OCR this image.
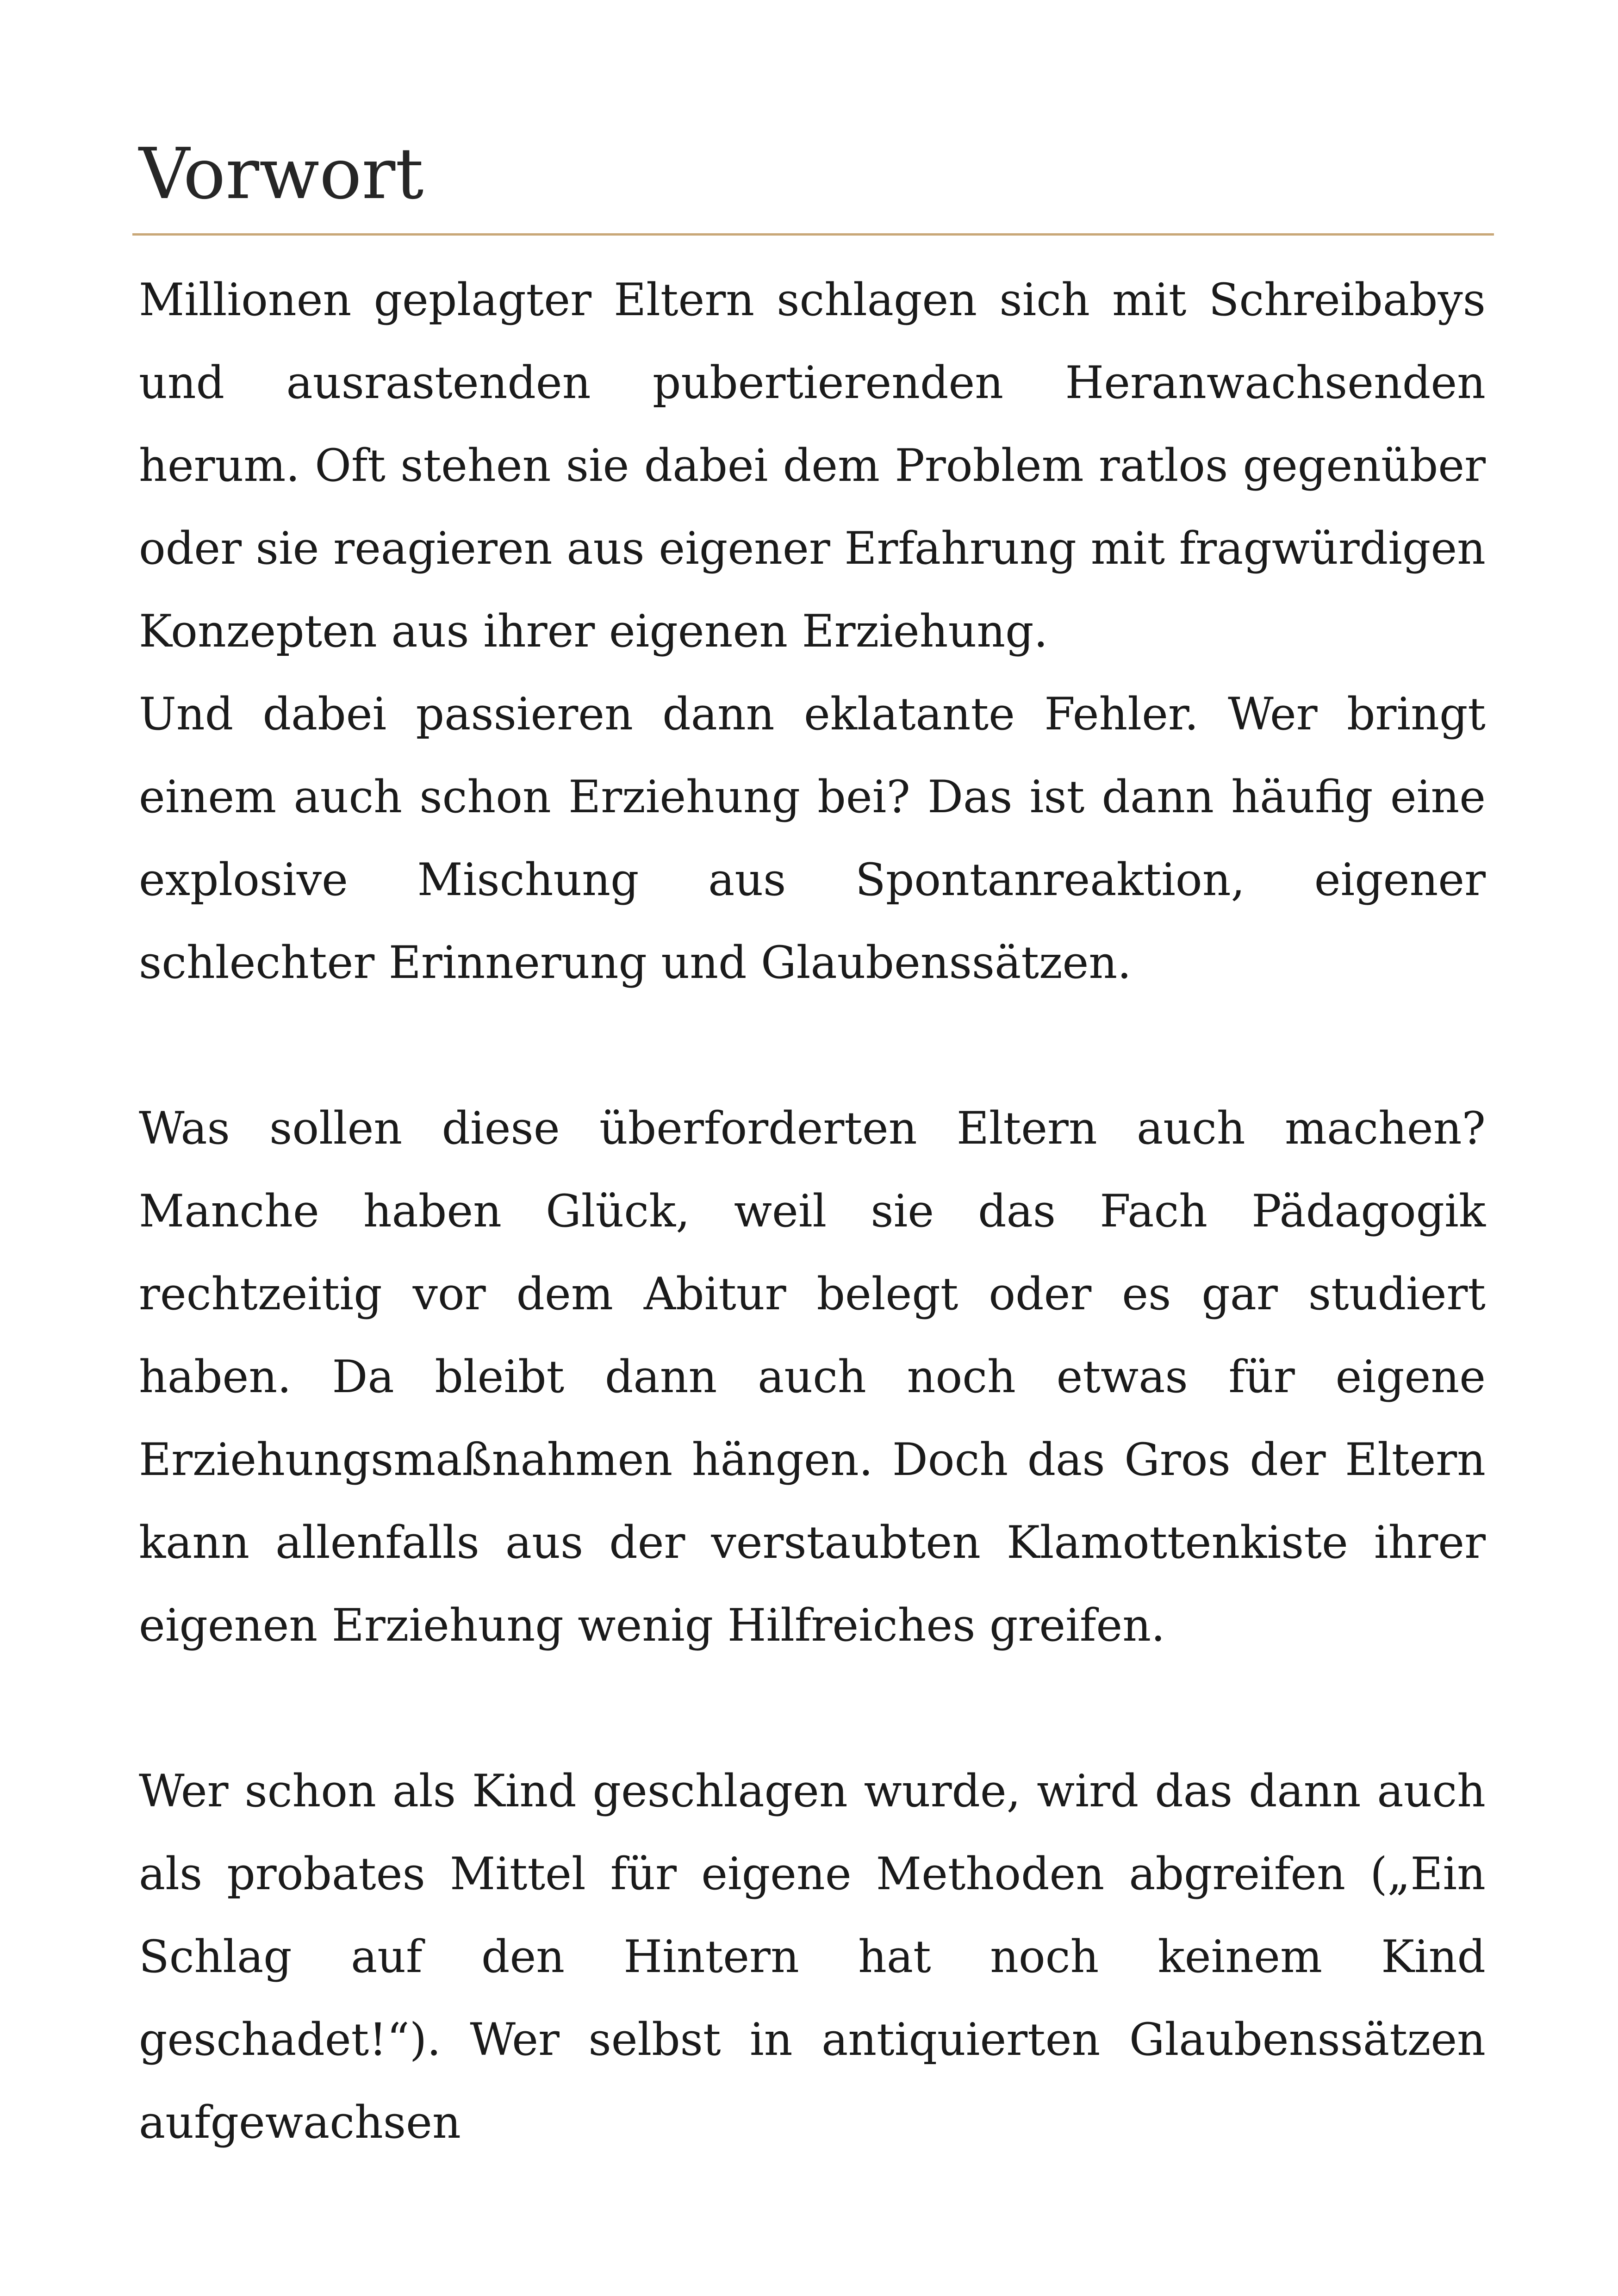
Vorwort

Millionen geplagter Eltern schlagen sich mit Schreibabys und ausrastenden pubertierenden Heranwachsenden herum. Oft stehen sie dabei dem Problem ratlos gegenüber oder sie reagieren aus eigener Erfahrung mit fragwürdigen Konzepten aus ihrer eigenen Erziehung.

Und dabei passieren dann eklatante Fehler. Wer bringt einem auch schon Erziehung bei? Das ist dann häufig eine explosive Mischung aus Spontanreaktion, eigener schlechter Erinnerung und Glaubenssätzen.

Was sollen diese überforderten Eltern auch machen? Manche haben Glück, weil sie das Fach Pädagogik rechtzeitig vor dem Abitur belegt oder es gar studiert haben. Da bleibt dann auch noch etwas für eigene Erziehungsmaßnahmen hängen. Doch das Gros der Eltern kann allenfalls aus der verstaubten Klamottenkiste ihrer eigenen Erziehung wenig Hilfreiches greifen.

Wer schon als Kind geschlagen wurde, wird das dann auch als probates Mittel für eigene Methoden abgreifen („Ein Schlag auf den Hintern hat noch keinem Kind geschadet!“). Wer selbst in antiquierten Glaubenssätzen aufgewachsen
